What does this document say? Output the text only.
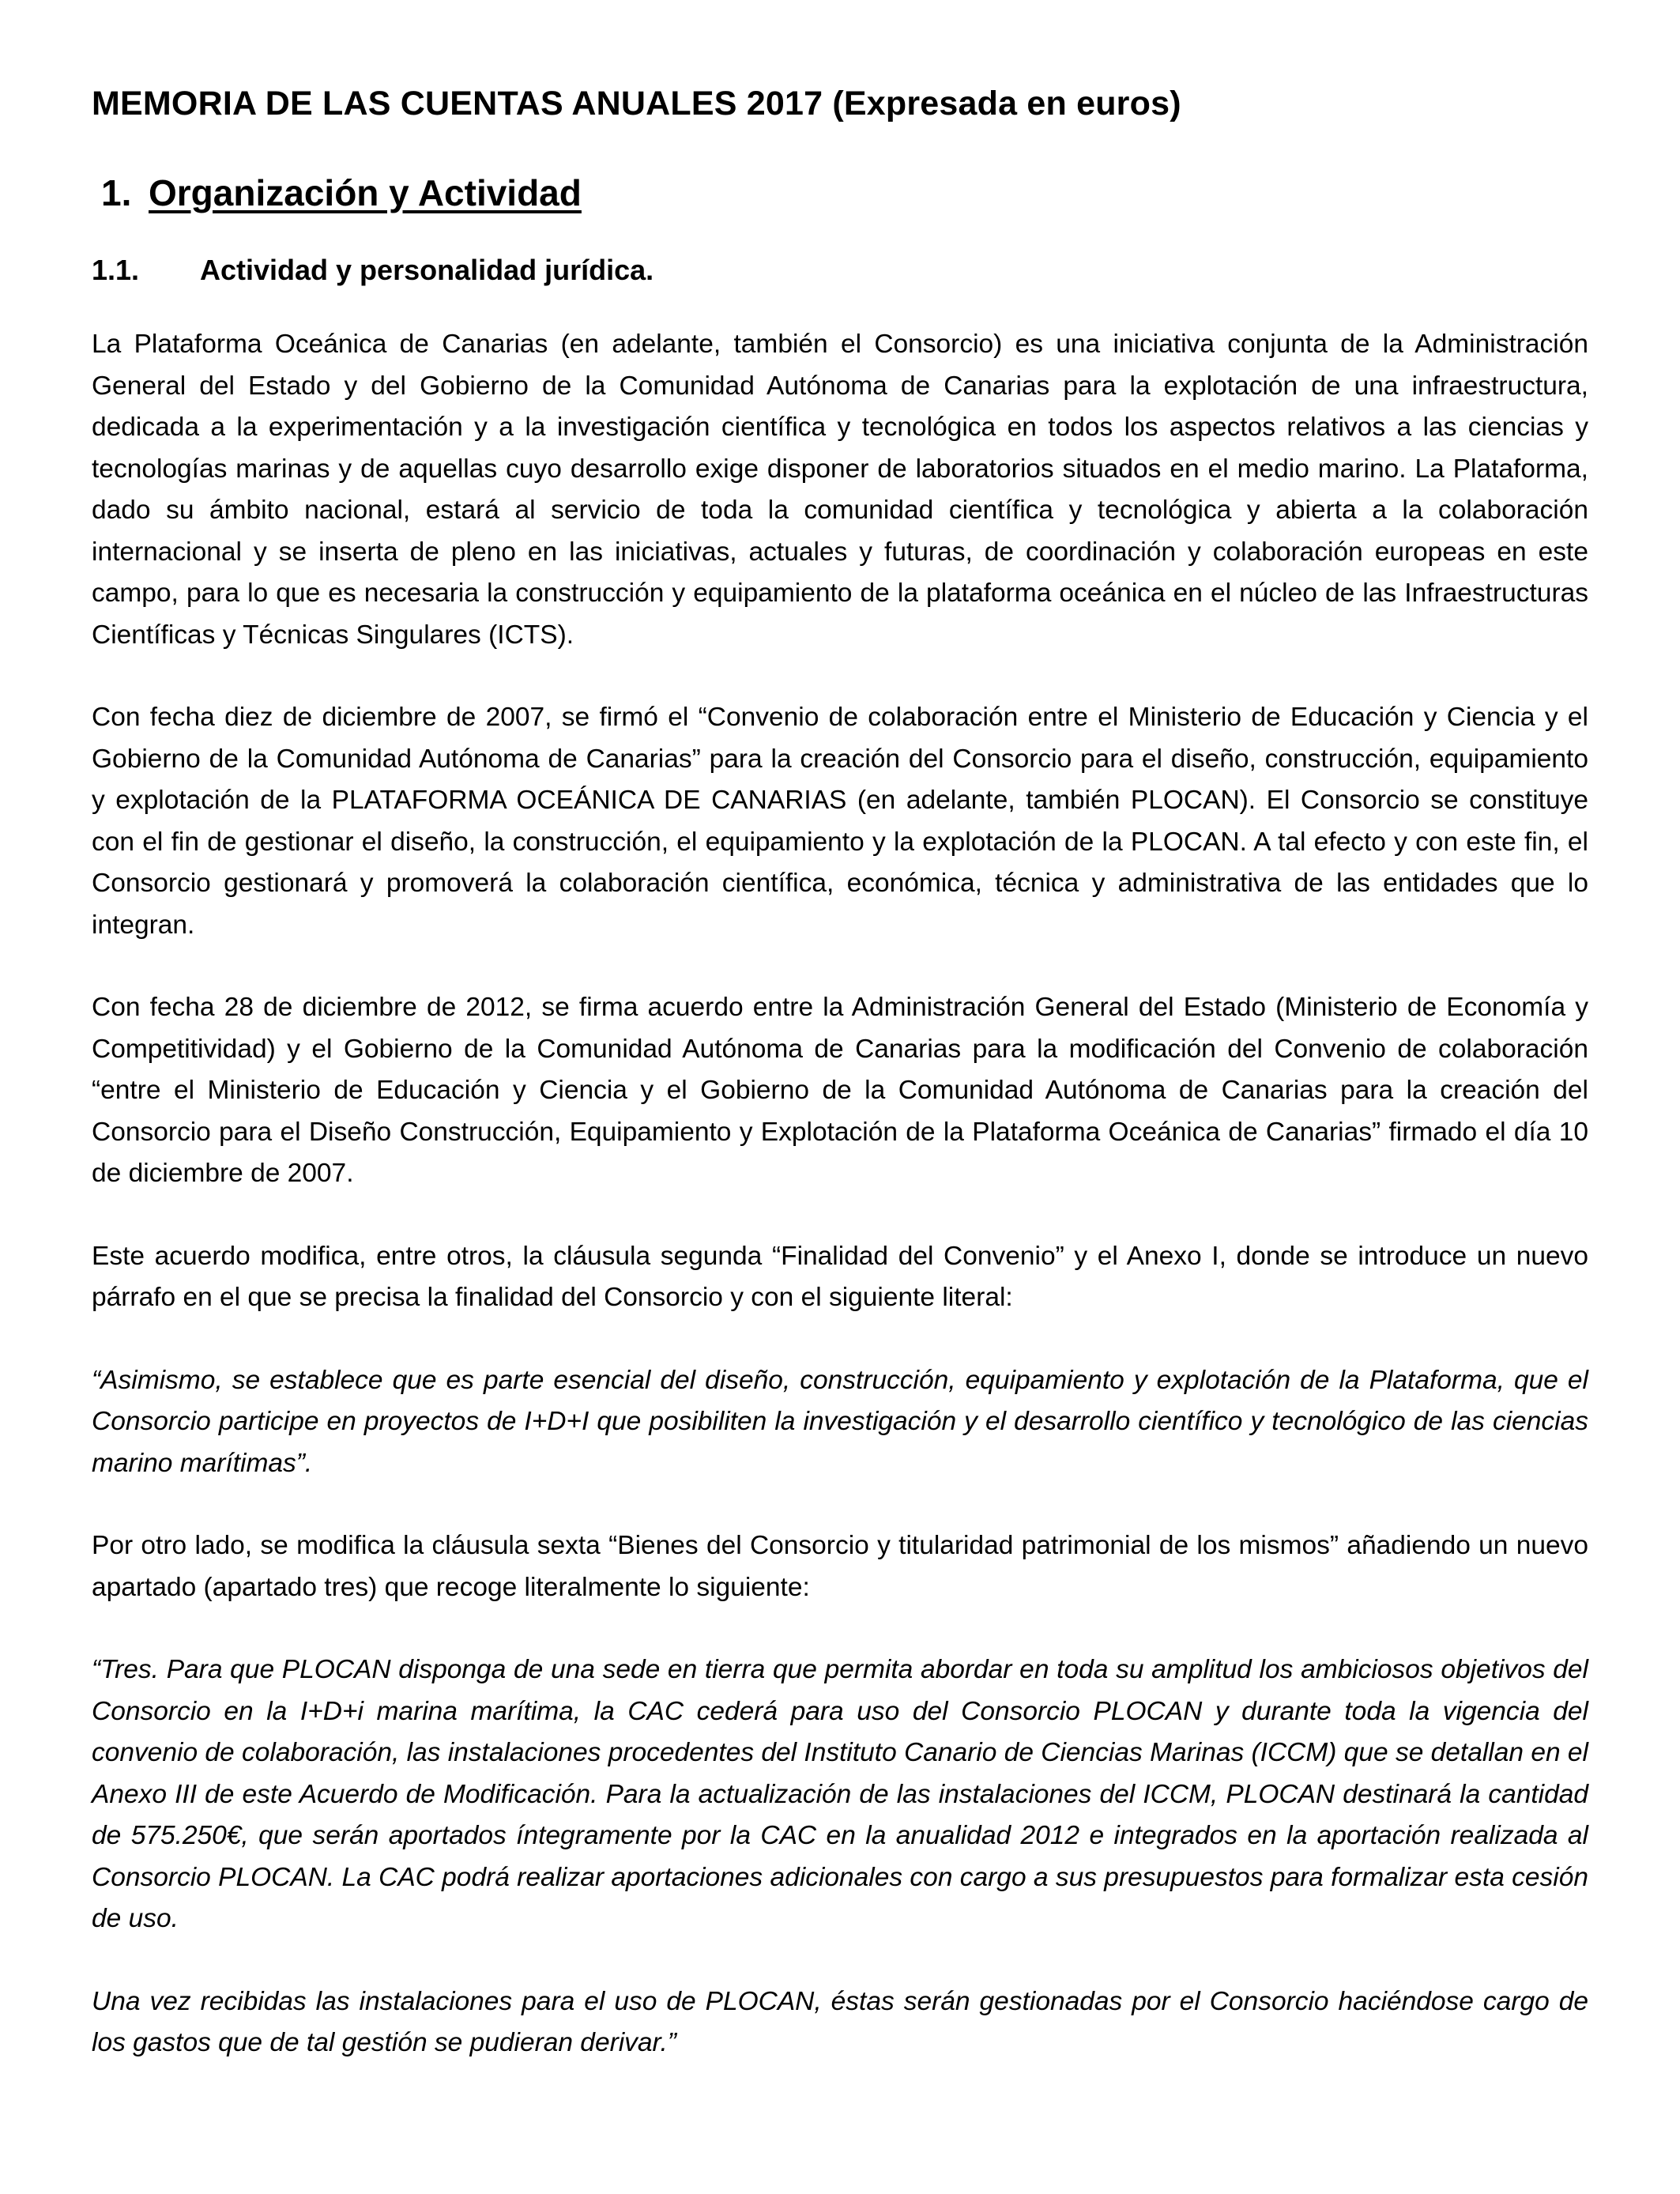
MEMORIA DE LAS CUENTAS ANUALES 2017 (Expresada en euros)
1. Organización y Actividad
1.1. Actividad y personalidad jurídica.

La Plataforma Oceánica de Canarias (en adelante, también el Consorcio) es una iniciativa conjunta de la Administración General del Estado y del Gobierno de la Comunidad Autónoma de Canarias para la explotación de una infraestructura, dedicada a la experimentación y a la investigación científica y tecnológica en todos los aspectos relativos a las ciencias y tecnologías marinas y de aquellas cuyo desarrollo exige disponer de laboratorios situados en el medio marino. La Plataforma, dado su ámbito nacional, estará al servicio de toda la comunidad científica y tecnológica y abierta a la colaboración internacional y se inserta de pleno en las iniciativas, actuales y futuras, de coordinación y colaboración europeas en este campo, para lo que es necesaria la construcción y equipamiento de la plataforma oceánica en el núcleo de las Infraestructuras Científicas y Técnicas Singulares (ICTS).

Con fecha diez de diciembre de 2007, se firmó el “Convenio de colaboración entre el Ministerio de Educación y Ciencia y el Gobierno de la Comunidad Autónoma de Canarias” para la creación del Consorcio para el diseño, construcción, equipamiento y explotación de la PLATAFORMA OCEÁNICA DE CANARIAS (en adelante, también PLOCAN). El Consorcio se constituye con el fin de gestionar el diseño, la construcción, el equipamiento y la explotación de la PLOCAN. A tal efecto y con este fin, el Consorcio gestionará y promoverá la colaboración científica, económica, técnica y administrativa de las entidades que lo integran.

Con fecha 28 de diciembre de 2012, se firma acuerdo entre la Administración General del Estado (Ministerio de Economía y Competitividad) y el Gobierno de la Comunidad Autónoma de Canarias para la modificación del Convenio de colaboración “entre el Ministerio de Educación y Ciencia y el Gobierno de la Comunidad Autónoma de Canarias para la creación del Consorcio para el Diseño Construcción, Equipamiento y Explotación de la Plataforma Oceánica de Canarias” firmado el día 10 de diciembre de 2007.

Este acuerdo modifica, entre otros, la cláusula segunda “Finalidad del Convenio” y el Anexo I, donde se introduce un nuevo párrafo en el que se precisa la finalidad del Consorcio y con el siguiente literal:

“Asimismo, se establece que es parte esencial del diseño, construcción, equipamiento y explotación de la Plataforma, que el Consorcio participe en proyectos de I+D+I que posibiliten la investigación y el desarrollo científico y tecnológico de las ciencias marino marítimas”.

Por otro lado, se modifica la cláusula sexta “Bienes del Consorcio y titularidad patrimonial de los mismos” añadiendo un nuevo apartado (apartado tres) que recoge literalmente lo siguiente:

“Tres. Para que PLOCAN disponga de una sede en tierra que permita abordar en toda su amplitud los ambiciosos objetivos del Consorcio en la I+D+i marina marítima, la CAC cederá para uso del Consorcio PLOCAN y durante toda la vigencia del convenio de colaboración, las instalaciones procedentes del Instituto Canario de Ciencias Marinas (ICCM) que se detallan en el Anexo III de este Acuerdo de Modificación. Para la actualización de las instalaciones del ICCM, PLOCAN destinará la cantidad de 575.250€, que serán aportados íntegramente por la CAC en la anualidad 2012 e integrados en la aportación realizada al Consorcio PLOCAN. La CAC podrá realizar aportaciones adicionales con cargo a sus presupuestos para formalizar esta cesión de uso.

Una vez recibidas las instalaciones para el uso de PLOCAN, éstas serán gestionadas por el Consorcio haciéndose cargo de los gastos que de tal gestión se pudieran derivar.”
